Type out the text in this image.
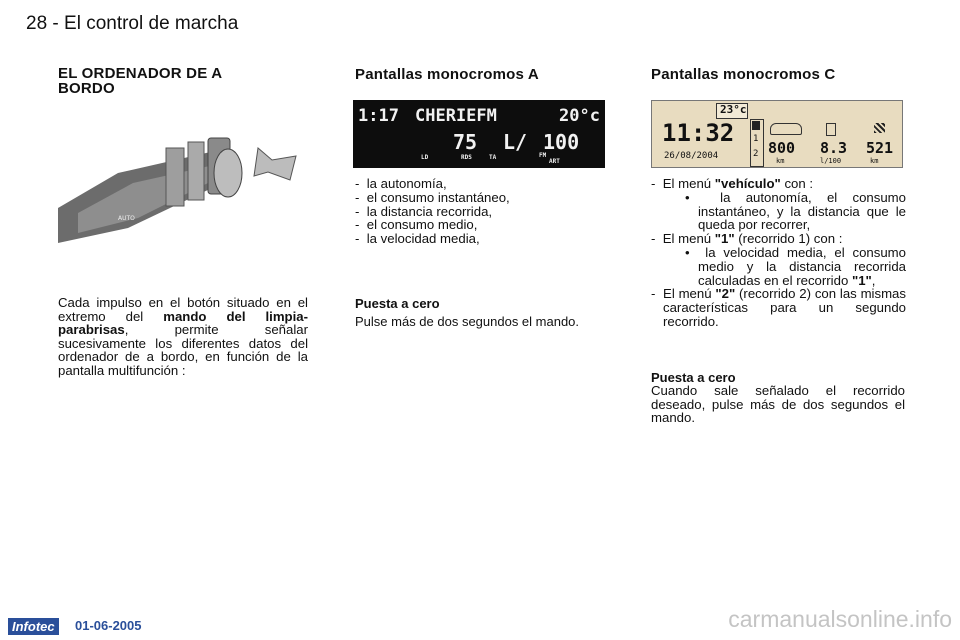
28 - El control de marcha
EL ORDENADOR DE A BORDO
AUTO
Cada impulso en el botón situado en el extremo del mando del limpia-parabrisas, permite señalar sucesivamente los diferentes datos del ordenador de a bordo, en función de la pantalla multifunción :
Pantallas monocromos A
1:17 CHERIEFM	20°c
75 L/ 100
LD	RDS	TA	FM
ART
-  la autonomía,
-  el consumo instantáneo,
-  la distancia recorrida,
-  el consumo medio,
-  la velocidad media,
Puesta a cero
Pulse más de dos segundos el mando.
Pantallas monocromos C
23°c
11:32
26/08/2004
1
2 800 8.3 521
km	l/100	km
-  El menú "vehículo" con :
•  la autonomía, el consumo instantáneo, y la distancia que le queda por recorrer,
-  El menú "1" (recorrido 1) con :
•  la velocidad media, el consumo medio y la distancia recorrida calculadas en el recorrido "1",
-  El menú "2" (recorrido 2) con las mismas características para un segundo recorrido.
Puesta a cero
Cuando sale señalado el recorrido deseado, pulse más de dos segundos el mando.
Infotec	01-06-2005	carmanualsonline.info
